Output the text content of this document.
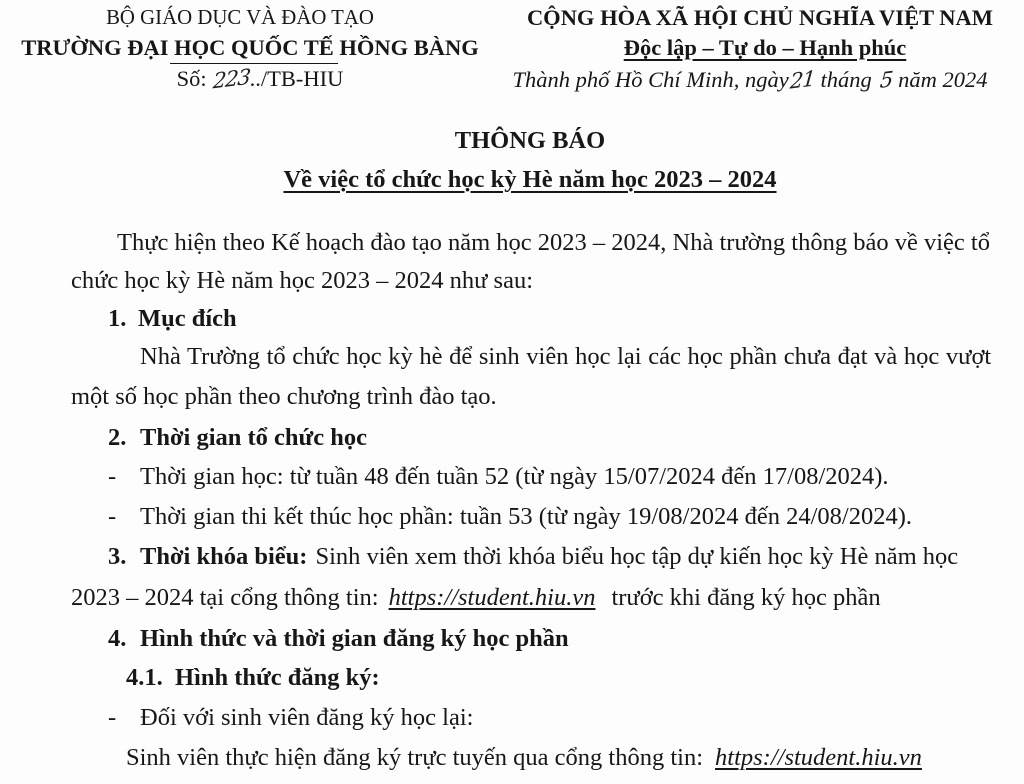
BỘ GIÁO DỤC VÀ ĐÀO TẠO
TRƯỜNG ĐẠI HỌC QUỐC TẾ HỒNG BÀNG
Số: 223../TB-HIU
CỘNG HÒA XÃ HỘI CHỦ NGHĨA VIỆT NAM
Độc lập – Tự do – Hạnh phúc
Thành phố Hồ Chí Minh, ngày21 tháng 5 năm 2024
THÔNG BÁO
Về việc tổ chức học kỳ Hè năm học 2023 – 2024
Thực hiện theo Kế hoạch đào tạo năm học 2023 – 2024, Nhà trường thông báo về việc tổ
chức học kỳ Hè năm học 2023 – 2024 như sau:
1. Mục đích
Nhà Trường tổ chức học kỳ hè để sinh viên học lại các học phần chưa đạt và học vượt
một số học phần theo chương trình đào tạo.
2. Thời gian tổ chức học
- Thời gian học: từ tuần 48 đến tuần 52 (từ ngày 15/07/2024 đến 17/08/2024).
- Thời gian thi kết thúc học phần: tuần 53 (từ ngày 19/08/2024 đến 24/08/2024).
3. Thời khóa biểu: Sinh viên xem thời khóa biểu học tập dự kiến học kỳ Hè năm học
2023 – 2024 tại cổng thông tin: https://student.hiu.vn trước khi đăng ký học phần
4. Hình thức và thời gian đăng ký học phần
4.1. Hình thức đăng ký:
- Đối với sinh viên đăng ký học lại:
Sinh viên thực hiện đăng ký trực tuyến qua cổng thông tin: https://student.hiu.vn
